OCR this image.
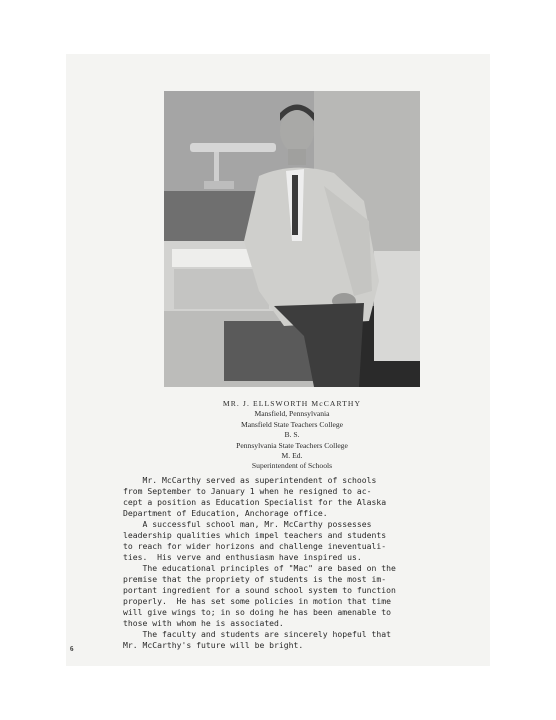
MR. J. ELLSWORTH McCARTHY
Mansfield, Pennsylvania
Mansfield State Teachers College
B. S.
Pennsylvania State Teachers College
M. Ed.
Superintendent of Schools
Mr. McCarthy served as superintendent of schools
from September to January 1 when he resigned to ac-
cept a position as Education Specialist for the Alaska
Department of Education, Anchorage office.
A successful school man, Mr. McCarthy possesses
leadership qualities which impel teachers and students
to reach for wider horizons and challenge ineventuali-
ties.  His verve and enthusiasm have inspired us.
The educational principles of "Mac" are based on the
premise that the propriety of students is the most im-
portant ingredient for a sound school system to function
properly.  He has set some policies in motion that time
will give wings to; in so doing he has been amenable to
those with whom he is associated.
The faculty and students are sincerely hopeful that
Mr. McCarthy's future will be bright.
6
